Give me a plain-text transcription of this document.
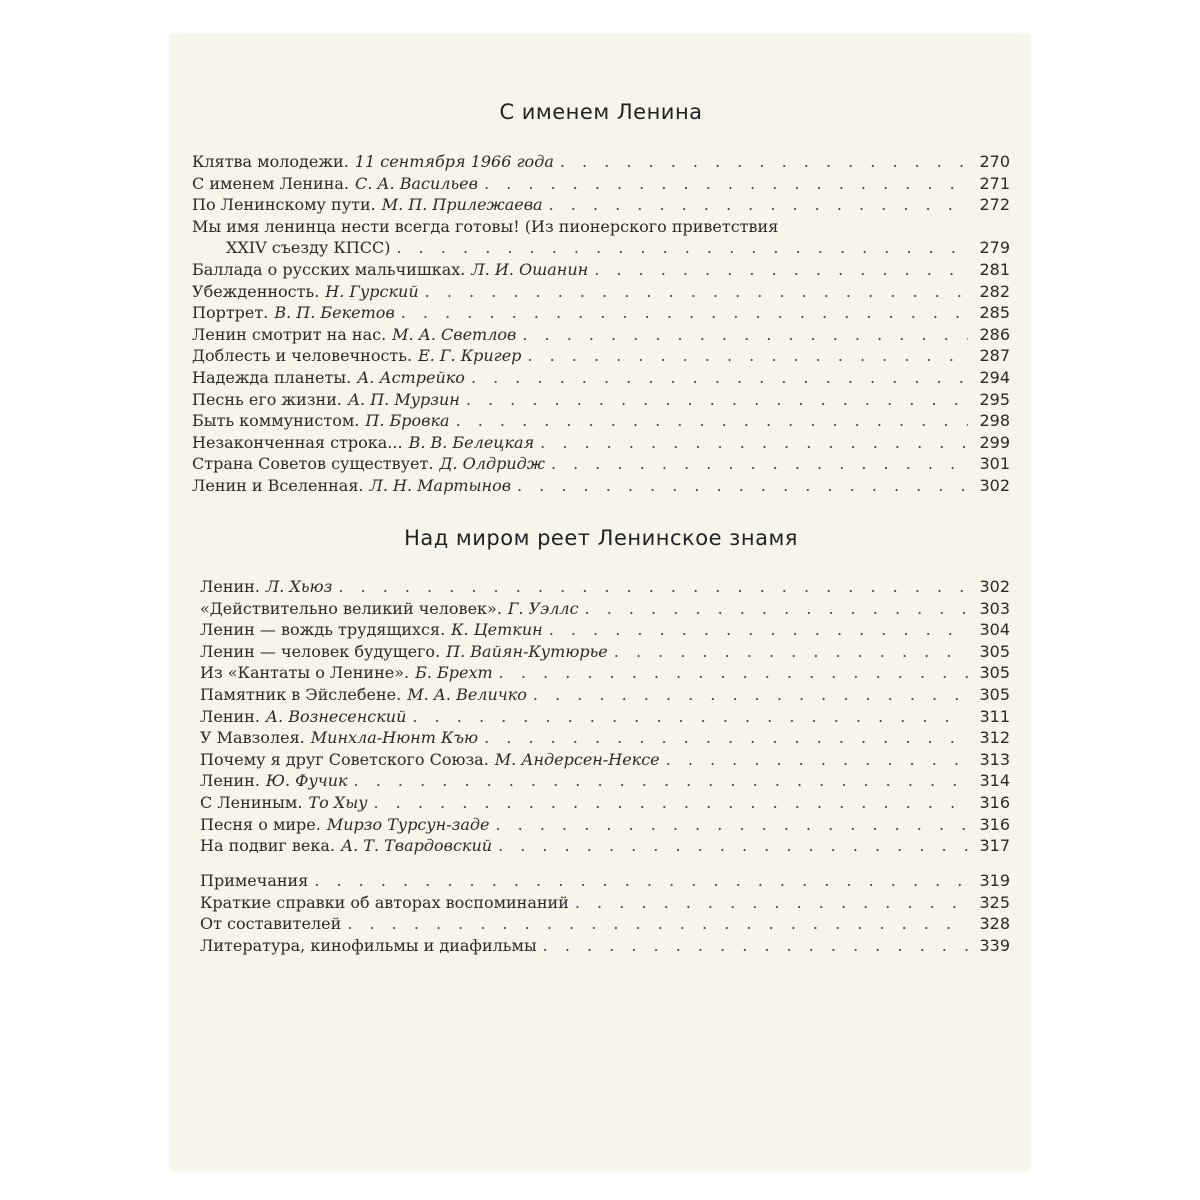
С именем Ленина
Клятва молодежи. 11 сентября 1966 года . . .	270
С именем Ленина. С. А. Васильев . . .	271
По Ленинскому пути. М. П. Прилежаева . . .	272
Мы имя ленинца нести всегда готовы! (Из пионерского приветствия
XXIV съезду КПСС) . . .	279
Баллада о русских мальчишках. Л. И. Ошанин . . .	281
Убежденность. Н. Гурский . . .	282
Портрет. В. П. Бекетов . . .	285
Ленин смотрит на нас. М. А. Светлов . . .	286
Доблесть и человечность. Е. Г. Кригер . . .	287
Надежда планеты. А. Астрейко . . .	294
Песнь его жизни. А. П. Мурзин . . .	295
Быть коммунистом. П. Бровка . . .	298
Незаконченная строка... В. В. Белецкая . . .	299
Страна Советов существует. Д. Олдридж . . .	301
Ленин и Вселенная. Л. Н. Мартынов . . .	302
Над миром реет Ленинское знамя
Ленин. Л. Хьюз . . .	302
«Действительно великий человек». Г. Уэллс . . .	303
Ленин — вождь трудящихся. К. Цеткин . . .	304
Ленин — человек будущего. П. Вайян-Кутюрье . . .	305
Из «Кантаты о Ленине». Б. Брехт . . .	305
Памятник в Эйслебене. М. А. Величко . . .	305
Ленин. А. Вознесенский . . .	311
У Мавзолея. Минхла-Нюнт Къю . . .	312
Почему я друг Советского Союза. М. Андерсен-Нексе . . .	313
Ленин. Ю. Фучик . . .	314
С Лениным. То Хыу . . .	316
Песня о мире. Мирзо Турсун-заде . . .	316
На подвиг века. А. Т. Твардовский . . .	317
Примечания . . .	319
Краткие справки об авторах воспоминаний . . .	325
От составителей . . .	328
Литература, кинофильмы и диафильмы . . .	339
